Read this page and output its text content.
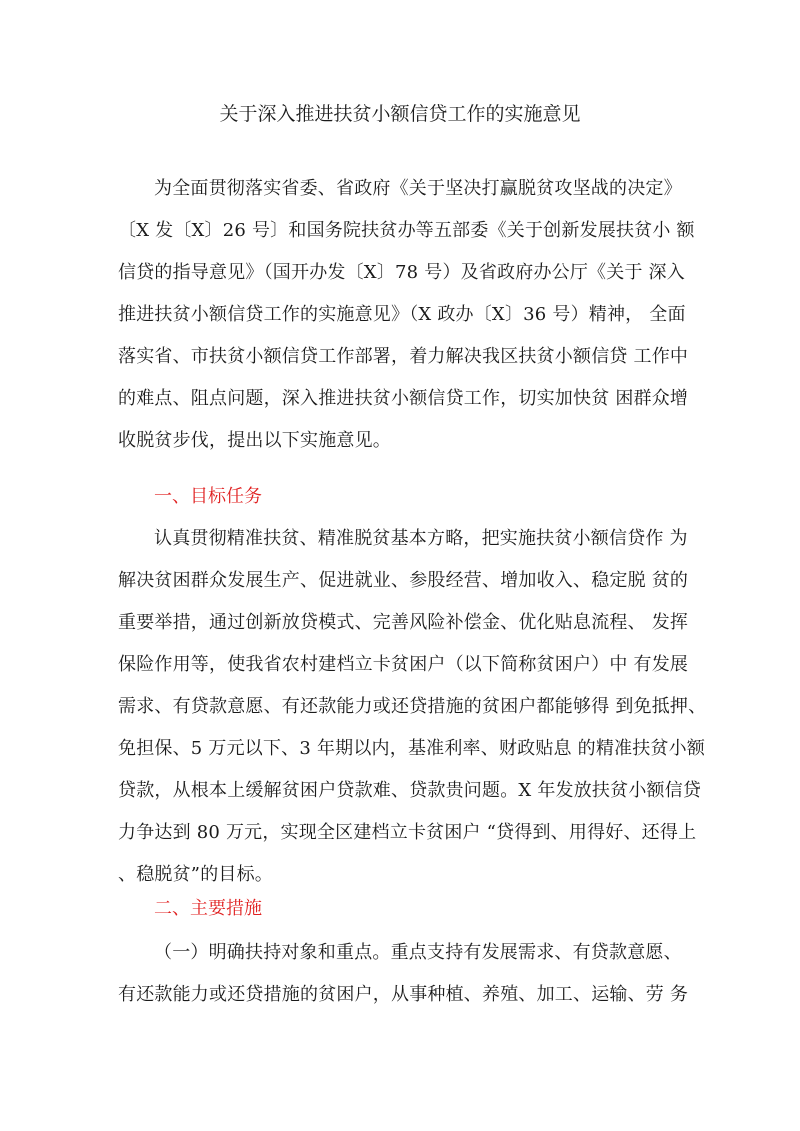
关于深入推进扶贫小额信贷工作的实施意见
为全面贯彻落实省委、省政府《关于坚决打赢脱贫攻坚战的决定》
〔X 发〔X〕26 号〕和国务院扶贫办等五部委《关于创新发展扶贫小 额
信贷的指导意见》（国开办发〔X〕78 号）及省政府办公厅《关于 深入
推进扶贫小额信贷工作的实施意见》（X 政办〔X〕36 号）精神， 全面
落实省、市扶贫小额信贷工作部署，着力解决我区扶贫小额信贷 工作中
的难点、阻点问题，深入推进扶贫小额信贷工作，切实加快贫 困群众增
收脱贫步伐，提出以下实施意见。
一、目标任务
认真贯彻精准扶贫、精准脱贫基本方略，把实施扶贫小额信贷作 为
解决贫困群众发展生产、促进就业、参股经营、增加收入、稳定脱 贫的
重要举措，通过创新放贷模式、完善风险补偿金、优化贴息流程、 发挥
保险作用等，使我省农村建档立卡贫困户（以下简称贫困户）中 有发展
需求、有贷款意愿、有还款能力或还贷措施的贫困户都能够得 到免抵押、
免担保、5 万元以下、3 年期以内，基准利率、财政贴息 的精准扶贫小额
贷款，从根本上缓解贫困户贷款难、贷款贵问题。X 年发放扶贫小额信贷
力争达到 80 万元，实现全区建档立卡贫困户 “贷得到、用得好、还得上
、稳脱贫”的目标。
二、主要措施
（一）明确扶持对象和重点。重点支持有发展需求、有贷款意愿、
有还款能力或还贷措施的贫困户，从事种植、养殖、加工、运输、劳 务
